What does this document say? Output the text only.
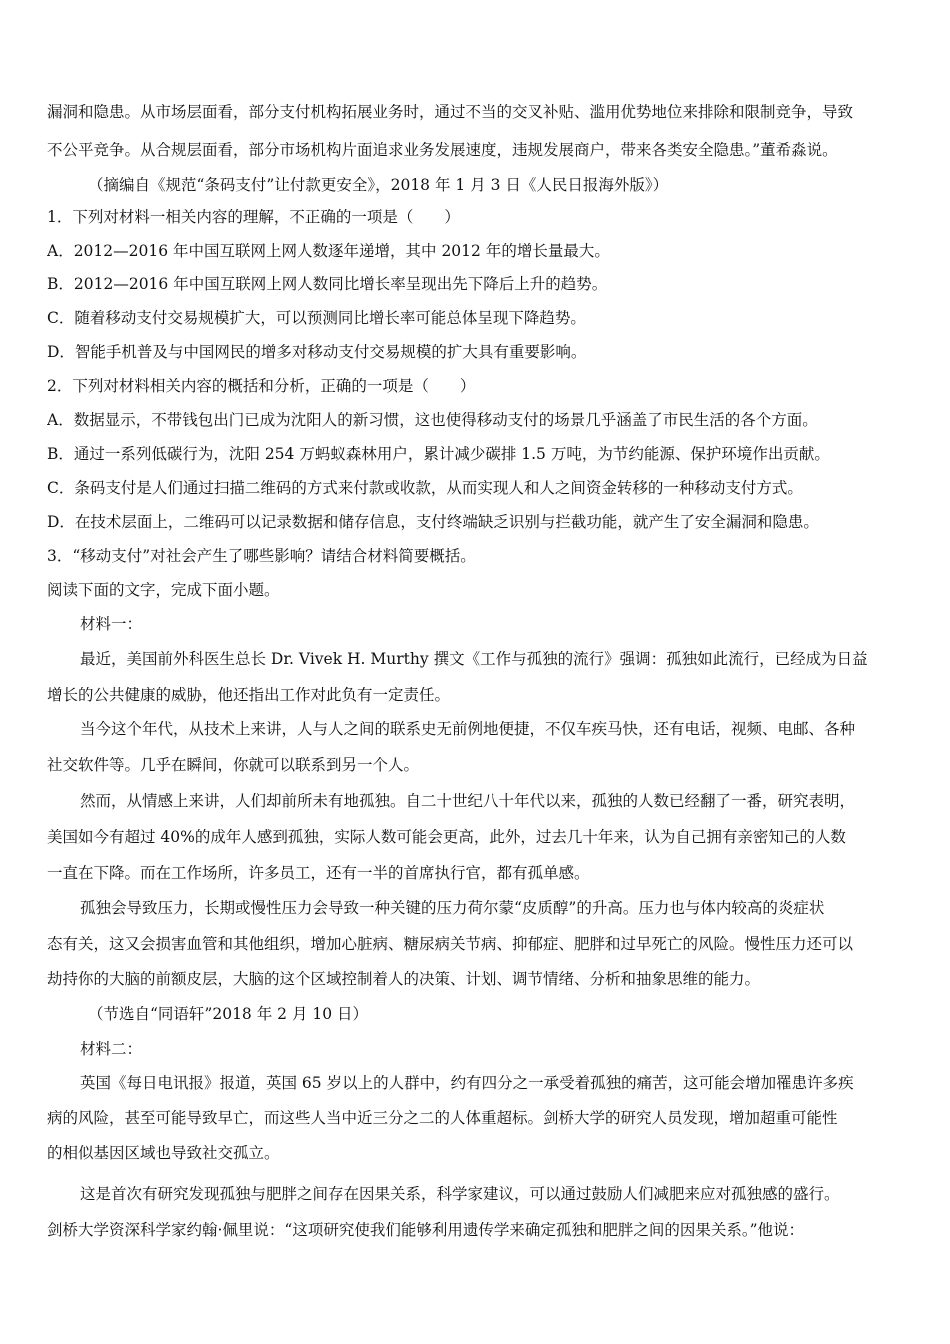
漏洞和隐患。从市场层面看，部分支付机构拓展业务时，通过不当的交叉补贴、滥用优势地位来排除和限制竞争，导致
不公平竞争。从合规层面看，部分市场机构片面追求业务发展速度，违规发展商户，带来各类安全隐患。”董希淼说。
（摘编自《规范“条码支付”让付款更安全》，2018 年 1 月 3 日《人民日报海外版》）
1．下列对材料一相关内容的理解，不正确的一项是（　　）
A．2012—2016 年中国互联网上网人数逐年递增，其中 2012 年的增长量最大。
B．2012—2016 年中国互联网上网人数同比增长率呈现出先下降后上升的趋势。
C．随着移动支付交易规模扩大，可以预测同比增长率可能总体呈现下降趋势。
D．智能手机普及与中国网民的增多对移动支付交易规模的扩大具有重要影响。
2．下列对材料相关内容的概括和分析，正确的一项是（　　）
A．数据显示，不带钱包出门已成为沈阳人的新习惯，这也使得移动支付的场景几乎涵盖了市民生活的各个方面。
B．通过一系列低碳行为，沈阳 254 万蚂蚁森林用户，累计减少碳排 1.5 万吨，为节约能源、保护环境作出贡献。
C．条码支付是人们通过扫描二维码的方式来付款或收款，从而实现人和人之间资金转移的一种移动支付方式。
D．在技术层面上，二维码可以记录数据和储存信息，支付终端缺乏识别与拦截功能，就产生了安全漏洞和隐患。
3．“移动支付”对社会产生了哪些影响？请结合材料简要概括。
阅读下面的文字，完成下面小题。
材料一：
最近，美国前外科医生总长 Dr. Vivek H. Murthy 撰文《工作与孤独的流行》强调：孤独如此流行，已经成为日益
增长的公共健康的威胁，他还指出工作对此负有一定责任。
当今这个年代，从技术上来讲，人与人之间的联系史无前例地便捷，不仅车疾马快，还有电话，视频、电邮、各种
社交软件等。几乎在瞬间，你就可以联系到另一个人。
然而，从情感上来讲，人们却前所未有地孤独。自二十世纪八十年代以来，孤独的人数已经翻了一番，研究表明，
美国如今有超过 40%的成年人感到孤独，实际人数可能会更高，此外，过去几十年来，认为自己拥有亲密知己的人数
一直在下降。而在工作场所，许多员工，还有一半的首席执行官，都有孤单感。
孤独会导致压力，长期或慢性压力会导致一种关键的压力荷尔蒙“皮质醇”的升高。压力也与体内较高的炎症状
态有关，这又会损害血管和其他组织，增加心脏病、糖尿病关节病、抑郁症、肥胖和过早死亡的风险。慢性压力还可以
劫持你的大脑的前额皮层，大脑的这个区域控制着人的决策、计划、调节情绪、分析和抽象思维的能力。
（节选自“同语轩”2018 年 2 月 10 日）
材料二：
英国《每日电讯报》报道，英国 65 岁以上的人群中，约有四分之一承受着孤独的痛苦，这可能会增加罹患许多疾
病的风险，甚至可能导致早亡，而这些人当中近三分之二的人体重超标。剑桥大学的研究人员发现，增加超重可能性
的相似基因区域也导致社交孤立。
这是首次有研究发现孤独与肥胖之间存在因果关系，科学家建议，可以通过鼓励人们减肥来应对孤独感的盛行。
剑桥大学资深科学家约翰·佩里说：“这项研究使我们能够利用遗传学来确定孤独和肥胖之间的因果关系。”他说：
